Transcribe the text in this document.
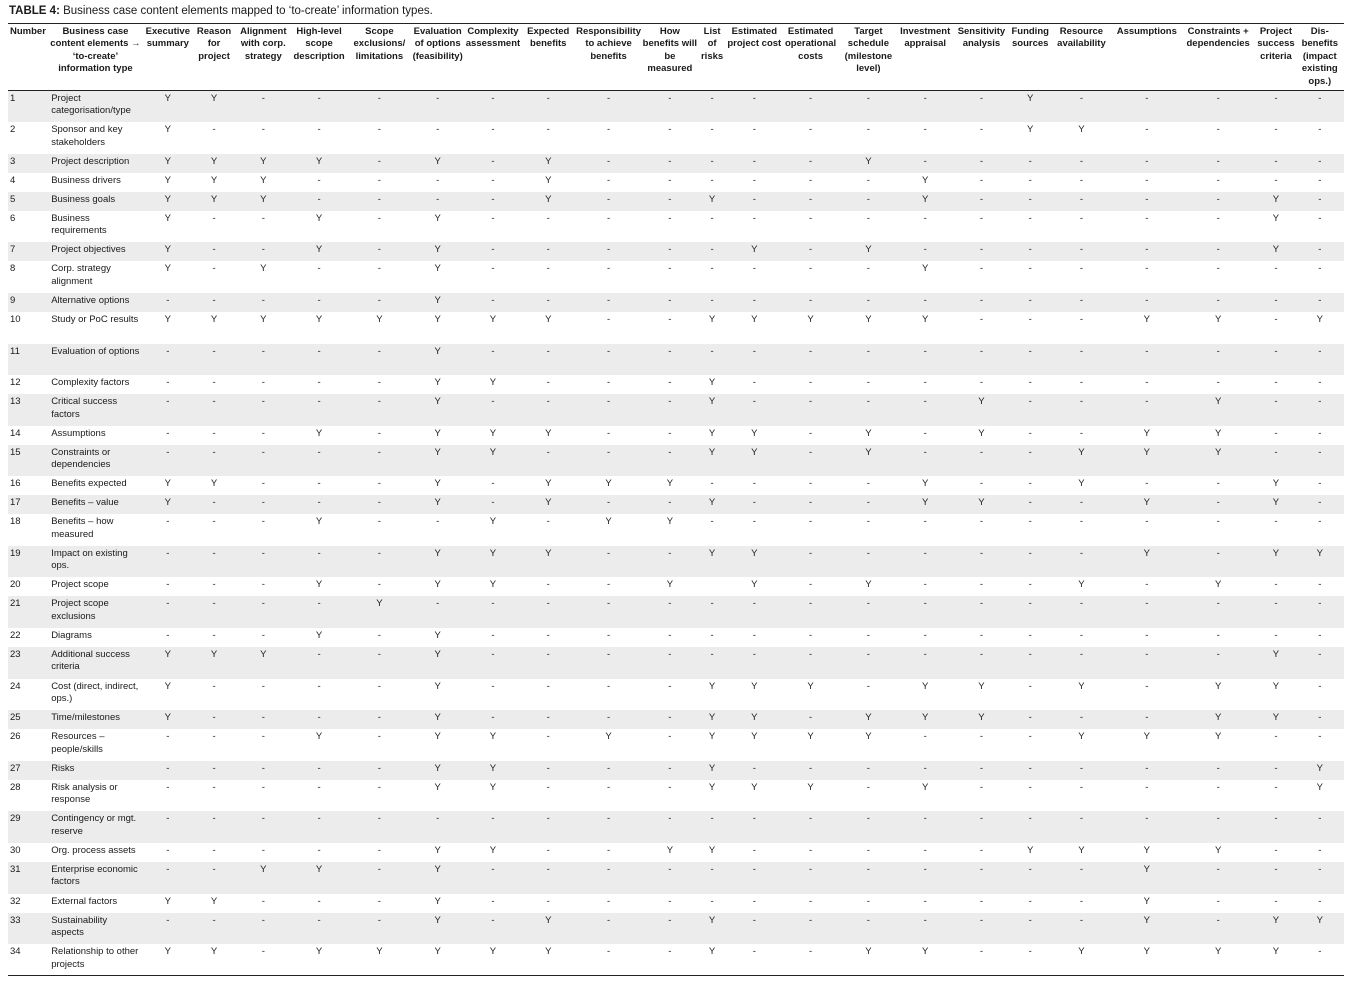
TABLE 4: Business case content elements mapped to ‘to-create’ information types.
Number	Business case content elements → ‘to-create’ information type	Executive summary	Reason for project	Alignment with corp. strategy	High-level scope description	Scope exclusions/ limitations	Evaluation of options (feasibility)	Complexity assessment	Expected benefits	Responsibility to achieve benefits	How benefits will be measured	List of risks	Estimated project cost	Estimated operational costs	Target schedule (milestone level)	Investment appraisal	Sensitivity analysis	Funding sources	Resource availability	Assumptions	Constraints + dependencies	Project success criteria	Dis-benefits (impact existing ops.)
1	Project categorisation/type	Y	Y	-	-	-	-	-	-	-	-	-	-	-	-	-	-	Y	-	-	-	-	-
2	Sponsor and key stakeholders	Y	-	-	-	-	-	-	-	-	-	-	-	-	-	-	-	Y	Y	-	-	-	-
3	Project description	Y	Y	Y	Y	-	Y	-	Y	-	-	-	-	-	Y	-	-	-	-	-	-	-	-
4	Business drivers	Y	Y	Y	-	-	-	-	Y	-	-	-	-	-	-	Y	-	-	-	-	-	-	-
5	Business goals	Y	Y	Y	-	-	-	-	Y	-	-	Y	-	-	-	Y	-	-	-	-	-	Y	-
6	Business requirements	Y	-	-	Y	-	Y	-	-	-	-	-	-	-	-	-	-	-	-	-	-	Y	-
7	Project objectives	Y	-	-	Y	-	Y	-	-	-	-	-	Y	-	Y	-	-	-	-	-	-	Y	-
8	Corp. strategy alignment	Y	-	Y	-	-	Y	-	-	-	-	-	-	-	-	Y	-	-	-	-	-	-	-
9	Alternative options	-	-	-	-	-	Y	-	-	-	-	-	-	-	-	-	-	-	-	-	-	-	-
10	Study or PoC results	Y	Y	Y	Y	Y	Y	Y	Y	-	-	Y	Y	Y	Y	Y	-	-	-	Y	Y	-	Y
11	Evaluation of options	-	-	-	-	-	Y	-	-	-	-	-	-	-	-	-	-	-	-	-	-	-	-
12	Complexity factors	-	-	-	-	-	Y	Y	-	-	-	Y	-	-	-	-	-	-	-	-	-	-	-
13	Critical success factors	-	-	-	-	-	Y	-	-	-	-	Y	-	-	-	-	Y	-	-	-	Y	-	-
14	Assumptions	-	-	-	Y	-	Y	Y	Y	-	-	Y	Y	-	Y	-	Y	-	-	Y	Y	-	-
15	Constraints or dependencies	-	-	-	-	-	Y	Y	-	-	-	Y	Y	-	Y	-	-	-	Y	Y	Y	-	-
16	Benefits expected	Y	Y	-	-	-	Y	-	Y	Y	Y	-	-	-	-	Y	-	-	Y	-	-	Y	-
17	Benefits – value	Y	-	-	-	-	Y	-	Y	-	-	Y	-	-	-	Y	Y	-	-	Y	-	Y	-
18	Benefits – how measured	-	-	-	Y	-	-	Y	-	Y	Y	-	-	-	-	-	-	-	-	-	-	-	-
19	Impact on existing ops.	-	-	-	-	-	Y	Y	Y	-	-	Y	Y	-	-	-	-	-	-	Y	-	Y	Y
20	Project scope	-	-	-	Y	-	Y	Y	-	-	Y		Y	-	Y	-	-	-	Y	-	Y	-	-
21	Project scope exclusions	-	-	-	-	Y	-	-	-	-	-	-	-	-	-	-	-	-	-	-	-	-	-
22	Diagrams	-	-	-	Y	-	Y	-	-	-	-	-	-	-	-	-	-	-	-	-	-	-	-
23	Additional success criteria	Y	Y	Y	-	-	Y	-	-	-	-	-	-	-	-	-	-	-	-	-	-	Y	-
24	Cost (direct, indirect, ops.)	Y	-	-	-	-	Y	-	-	-	-	Y	Y	Y	-	Y	Y	-	Y	-	Y	Y	-
25	Time/milestones	Y	-	-	-	-	Y	-	-	-	-	Y	Y	-	Y	Y	Y	-	-	-	Y	Y	-
26	Resources – people/skills	-	-	-	Y	-	Y	Y	-	Y	-	Y	Y	Y	Y	-	-	-	Y	Y	Y	-	-
27	Risks	-	-	-	-	-	Y	Y	-	-	-	Y	-	-	-	-	-	-	-	-	-	-	Y
28	Risk analysis or response	-	-	-	-	-	Y	Y	-	-	-	Y	Y	Y	-	Y	-	-	-	-	-	-	Y
29	Contingency or mgt. reserve	-	-	-	-	-	-	-	-	-	-	-	-	-	-	-	-	-	-	-	-	-	-
30	Org. process assets	-	-	-	-	-	Y	Y	-	-	Y	Y	-	-	-	-	-	Y	Y	Y	Y	-	-
31	Enterprise economic factors	-	-	Y	Y	-	Y	-	-	-	-	-	-	-	-	-	-	-	-	Y	-	-	-
32	External factors	Y	Y	-	-	-	Y	-	-	-	-	-	-	-	-	-	-	-	-	Y	-	-	-
33	Sustainability aspects	-	-	-	-	-	Y	-	Y	-	-	Y	-	-	-	-	-	-	-	Y	-	Y	Y
34	Relationship to other projects	Y	Y	-	Y	Y	Y	Y	Y	-	-	Y	-	-	Y	Y	-	-	Y	Y	Y	Y	-
